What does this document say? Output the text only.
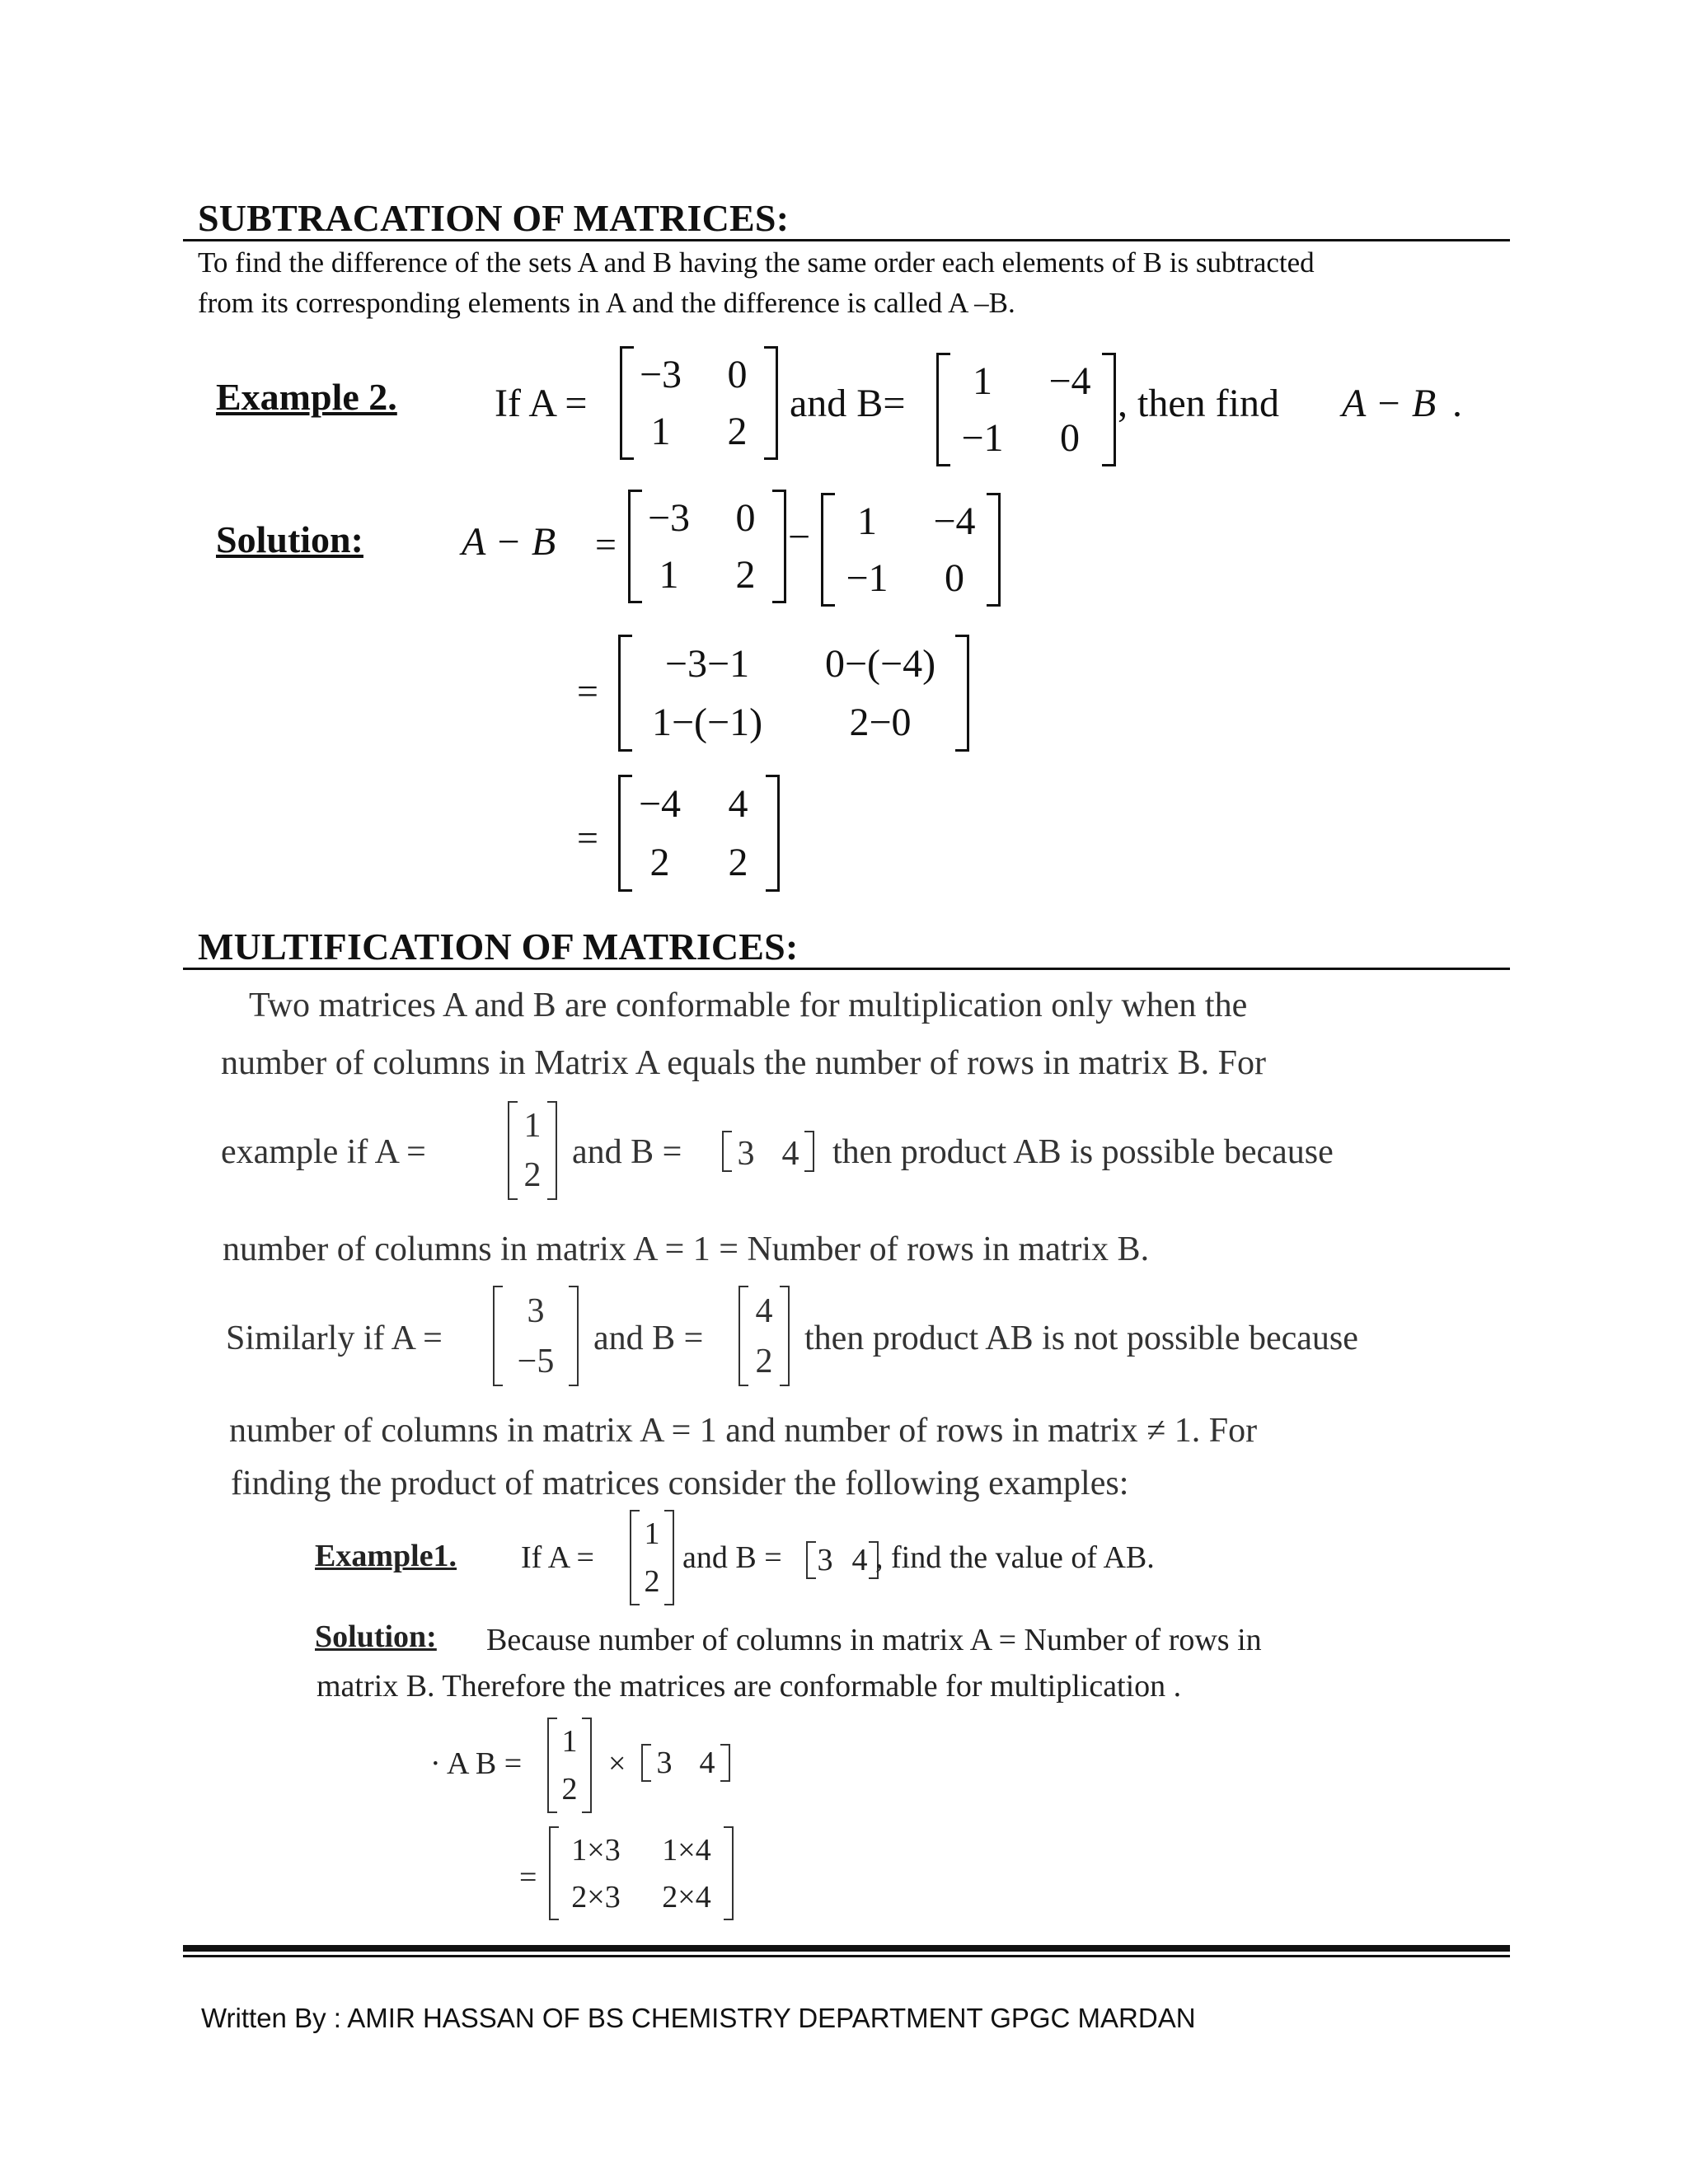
SUBTRACATION OF MATRICES:
To find the difference of the sets A and B having the same order each elements of B is subtracted
from its corresponding elements in A and the difference is called A –B.
Example 2. If A =
−3 0
1 2
and B=
1 −4
−1 0
, then find A − B .
Solution: A − B =
−3 0
1 2
− 1 −4
−1 0
=
−3−1 0−(−4)
1−(−1) 2−0
=
−4 4
2 2
MULTIFICATION OF MATRICES:
Two matrices A and B are conformable for multiplication only when the
number of columns in Matrix A equals the number of rows in matrix B. For
example if A =
1
2
and B = 3 4 then product AB is possible because
number of columns in matrix A = 1 = Number of rows in matrix B.
Similarly if A =
3
−5
and B =
4
2
then product AB is not possible because
number of columns in matrix A = 1 and number of rows in matrix ≠ 1. For
finding the product of matrices consider the following examples:
Example1. If A =
1
2
and B = 3 4 , find the value of AB.
Solution: Because number of columns in matrix A = Number of rows in
matrix B. Therefore the matrices are conformable for multiplication .
· A B =
1
2
× 3 4
=
1×3 1×4
2×3 2×4
Written By : AMIR HASSAN OF BS CHEMISTRY DEPARTMENT GPGC MARDAN
